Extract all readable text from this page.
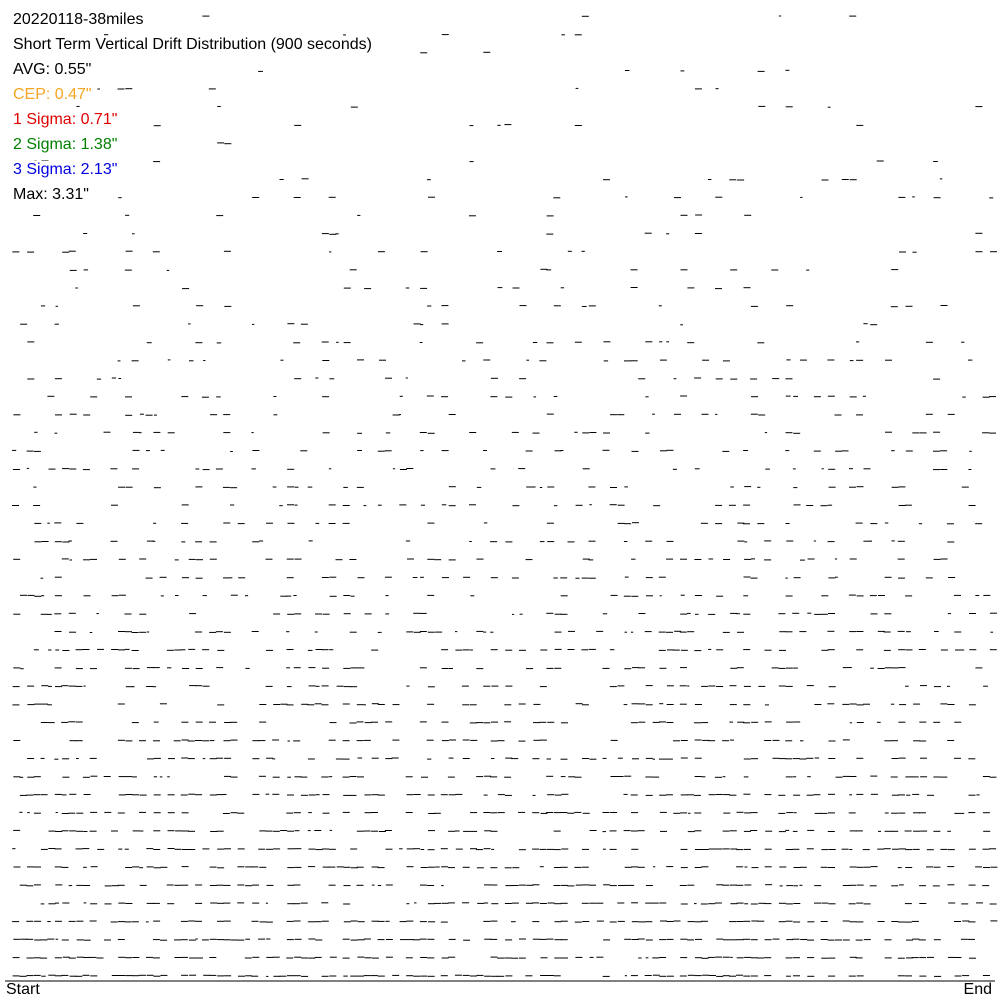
20220118-38miles
Short Term Vertical Drift Distribution (900 seconds)
AVG: 0.55"
CEP: 0.47"
1 Sigma: 0.71"
2 Sigma: 1.38"
3 Sigma: 2.13"
Max: 3.31"
Start	End
